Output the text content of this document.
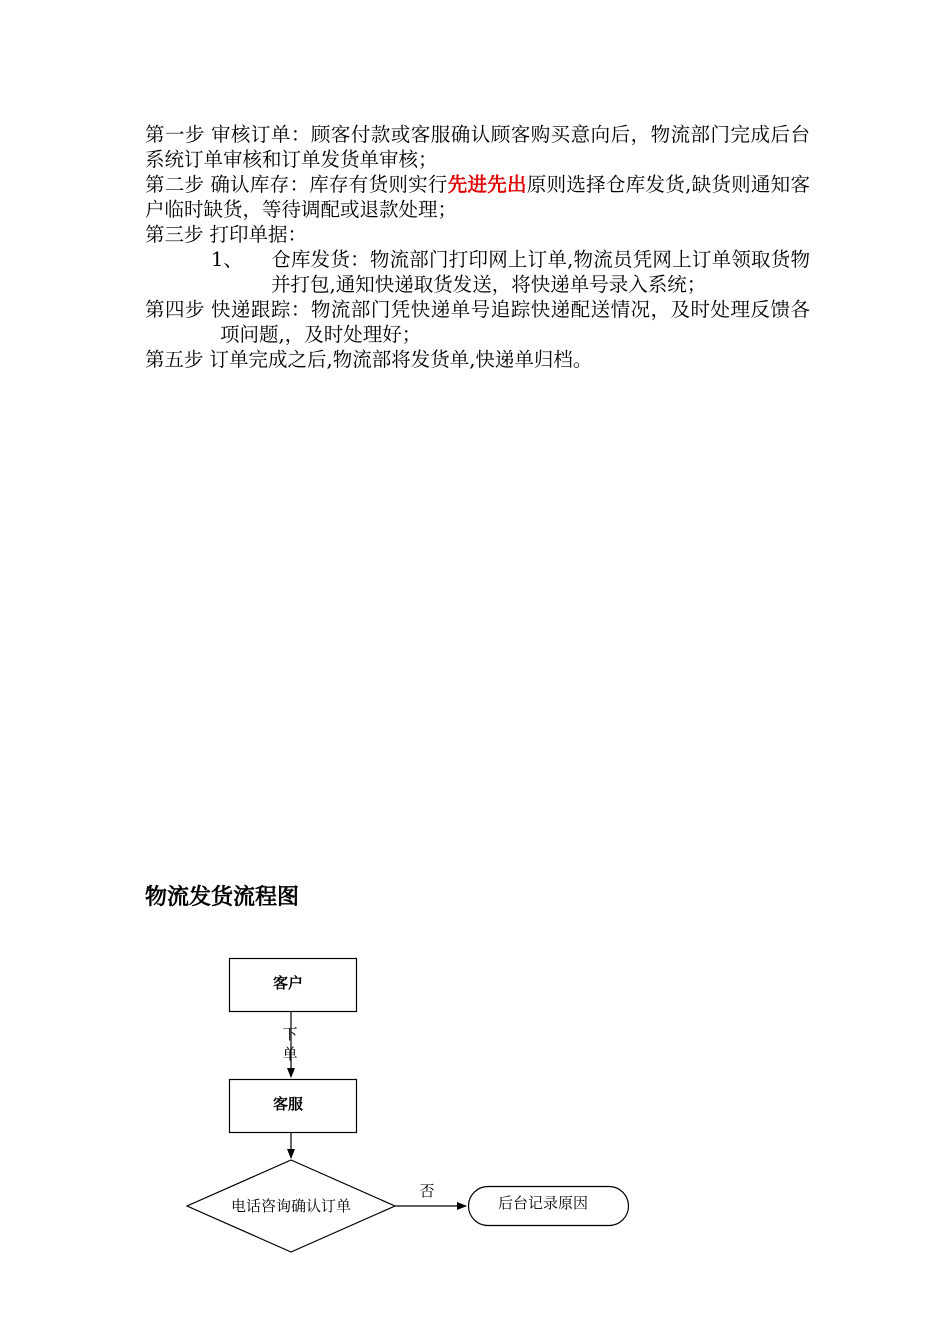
第一步 审核订单：顾客付款或客服确认顾客购买意向后，物流部门完成后台系统订单审核和订单发货单审核；

第二步 确认库存：库存有货则实行先进先出原则选择仓库发货,缺货则通知客户临时缺货，等待调配或退款处理；

第三步 打印单据：

1、 仓库发货：物流部门打印网上订单,物流员凭网上订单领取货物并打包,通知快递取货发送，将快递单号录入系统；

第四步 快递跟踪：物流部门凭快递单号追踪快递配送情况，及时处理反馈各项问题,，及时处理好；

第五步 订单完成之后,物流部将发货单,快递单归档。

物流发货流程图
客户
下
单
客服
电话咨询确认订单
否
后台记录原因
